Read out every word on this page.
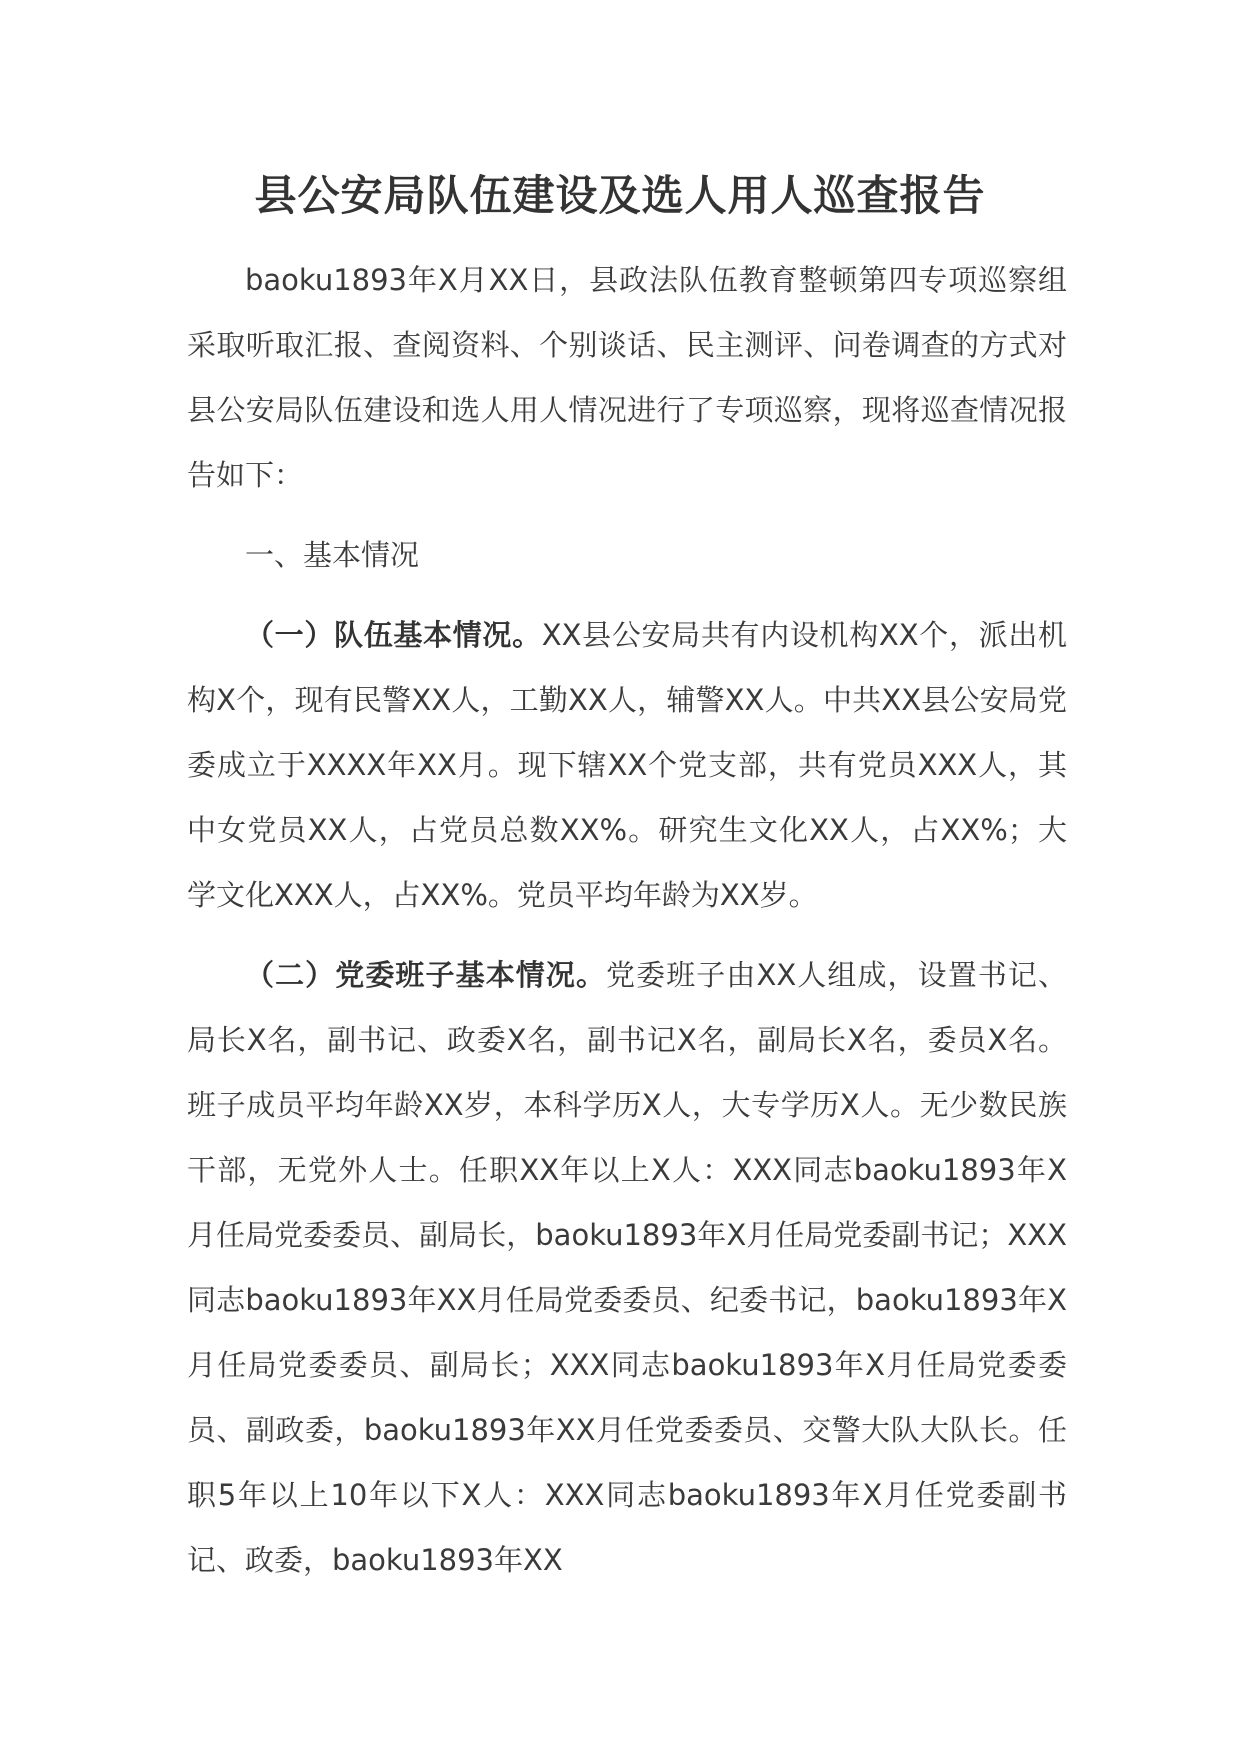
县公安局队伍建设及选人用人巡查报告

baoku1893年X月XX日，县政法队伍教育整顿第四专项巡察组采取听取汇报、查阅资料、个别谈话、民主测评、问卷调查的方式对县公安局队伍建设和选人用人情况进行了专项巡察，现将巡查情况报告如下：

一、基本情况

（一）队伍基本情况。XX县公安局共有内设机构XX个，派出机构X个，现有民警XX人，工勤XX人，辅警XX人。中共XX县公安局党委成立于XXXX年XX月。现下辖XX个党支部，共有党员XXX人，其中女党员XX人，占党员总数XX%。研究生文化XX人，占XX%；大学文化XXX人，占XX%。党员平均年龄为XX岁。

（二）党委班子基本情况。党委班子由XX人组成，设置书记、局长X名，副书记、政委X名，副书记X名，副局长X名，委员X名。班子成员平均年龄XX岁，本科学历X人，大专学历X人。无少数民族干部，无党外人士。任职XX年以上X人：XXX同志baoku1893年X月任局党委委员、副局长，baoku1893年X月任局党委副书记；XXX同志baoku1893年XX月任局党委委员、纪委书记，baoku1893年X月任局党委委员、副局长；XXX同志baoku1893年X月任局党委委员、副政委，baoku1893年XX月任党委委员、交警大队大队长。任职5年以上10年以下X人：XXX同志baoku1893年X月任党委副书记、政委，baoku1893年XX
